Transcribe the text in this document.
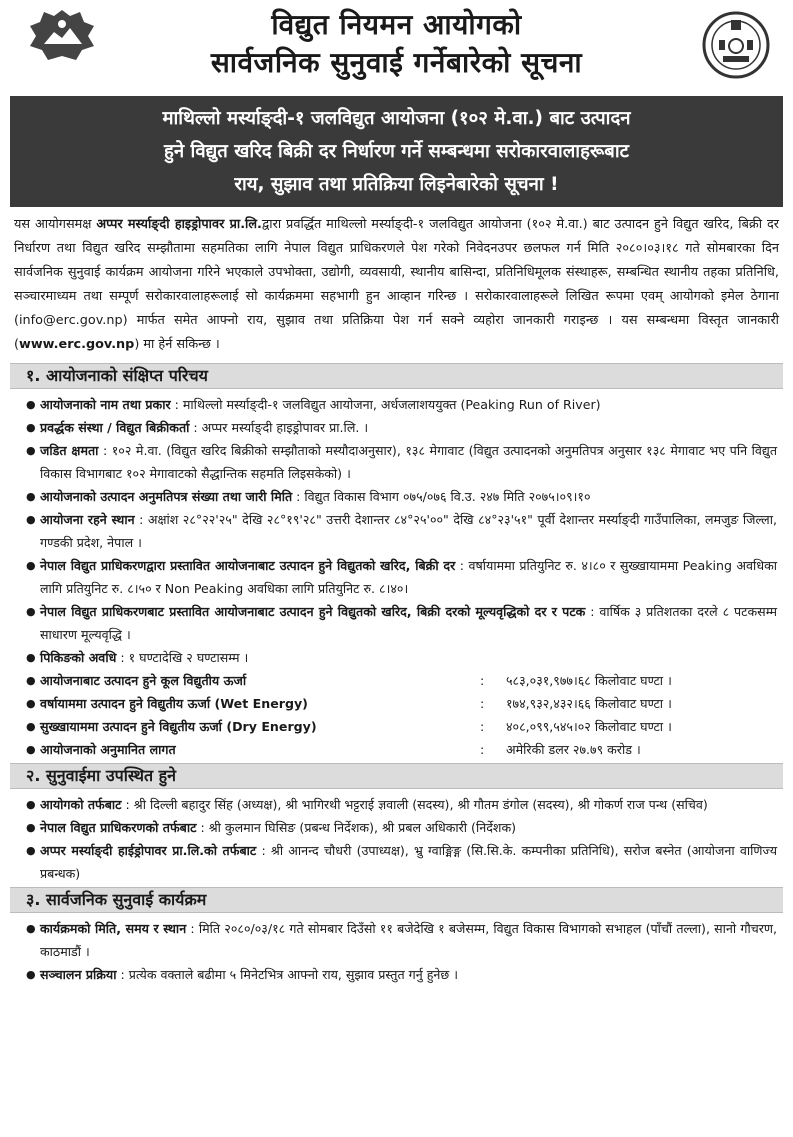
विद्युत नियमन आयोगको
सार्वजनिक सुनुवाई गर्नेबारेको सूचना
माथिल्लो मर्स्याङ्दी-१ जलविद्युत आयोजना (१०२ मे.वा.) बाट उत्पादन
हुने विद्युत खरिद बिक्री दर निर्धारण गर्ने सम्बन्धमा सरोकारवालाहरूबाट
राय, सुझाव तथा प्रतिक्रिया लिइनेबारेको सूचना !
यस आयोगसमक्ष अप्पर मर्स्याङ्दी हाइड्रोपावर प्रा.लि.द्वारा प्रवर्द्धित माथिल्लो मर्स्याङ्दी-१ जलविद्युत आयोजना (१०२ मे.वा.) बाट उत्पादन हुने विद्युत खरिद, बिक्री दर निर्धारण तथा विद्युत खरिद सम्झौतामा सहमतिका लागि नेपाल विद्युत प्राधिकरणले पेश गरेको निवेदनउपर छलफल गर्न मिति २०८०।०३।१८ गते सोमबारका दिन सार्वजनिक सुनुवाई कार्यक्रम आयोजना गरिने भएकाले उपभोक्ता, उद्योगी, व्यवसायी, स्थानीय बासिन्दा, प्रतिनिधिमूलक संस्थाहरू, सम्बन्धित स्थानीय तहका प्रतिनिधि, सञ्चारमाध्यम तथा सम्पूर्ण सरोकारवालाहरूलाई सो कार्यक्रममा सहभागी हुन आव्हान गरिन्छ । सरोकारवालाहरूले लिखित रूपमा एवम् आयोगको इमेल ठेगाना (info@erc.gov.np) मार्फत समेत आफ्नो राय, सुझाव तथा प्रतिक्रिया पेश गर्न सक्ने व्यहोरा जानकारी गराइन्छ । यस सम्बन्धमा विस्तृत जानकारी (www.erc.gov.np) मा हेर्न सकिन्छ ।
१. आयोजनाको संक्षिप्त परिचय
● आयोजनाको नाम तथा प्रकार : माथिल्लो मर्स्याङ्दी-१ जलविद्युत आयोजना, अर्धजलाशययुक्त (Peaking Run of River)
● प्रवर्द्धक संस्था / विद्युत बिक्रीकर्ता : अप्पर मर्स्याङ्दी हाइड्रोपावर प्रा.लि. ।
● जडित क्षमता : १०२ मे.वा. (विद्युत खरिद बिक्रीको सम्झौताको मस्यौदाअनुसार), १३८ मेगावाट (विद्युत उत्पादनको अनुमतिपत्र अनुसार १३८ मेगावाट भए पनि विद्युत विकास विभागबाट १०२ मेगावाटको सैद्धान्तिक सहमति लिइसकेको) ।
● आयोजनाको उत्पादन अनुमतिपत्र संख्या तथा जारी मिति : विद्युत विकास विभाग ०७५/०७६ वि.उ. २४७ मिति २०७५।०९।१०
● आयोजना रहने स्थान : अक्षांश २८°२२'२५" देखि २८°१९'२८" उत्तरी देशान्तर ८४°२५'००" देखि ८४°२३'५१" पूर्वी देशान्तर मर्स्याङ्दी गाउँपालिका, लमजुङ जिल्ला, गण्डकी प्रदेश, नेपाल ।
● नेपाल विद्युत प्राधिकरणद्वारा प्रस्तावित आयोजनाबाट उत्पादन हुने विद्युतको खरिद, बिक्री दर : वर्षायाममा प्रतियुनिट रु. ४।८० र सुख्खायाममा Peaking अवधिका लागि प्रतियुनिट रु. ८।५० र Non Peaking अवधिका लागि प्रतियुनिट रु. ८।४०।
● नेपाल विद्युत प्राधिकरणबाट प्रस्तावित आयोजनाबाट उत्पादन हुने विद्युतको खरिद, बिक्री दरको मूल्यवृद्धिको दर र पटक : वार्षिक ३ प्रतिशतका दरले ८ पटकसम्म साधारण मूल्यवृद्धि ।
● पिकिङको अवधि : १ घण्टादेखि २ घण्टासम्म ।
● आयोजनाबाट उत्पादन हुने कूल विद्युतीय ऊर्जा	:	५८३,०३१,९७७।६८ किलोवाट घण्टा ।
● वर्षायाममा उत्पादन हुने विद्युतीय ऊर्जा (Wet Energy)	:	१७४,९३२,४३२।६६ किलोवाट घण्टा ।
● सुख्खायाममा उत्पादन हुने विद्युतीय ऊर्जा (Dry Energy)	:	४०८,०९९,५४५।०२ किलोवाट घण्टा ।
● आयोजनाको अनुमानित लागत	:	अमेरिकी डलर २७.७९ करोड ।
२. सुनुवाईमा उपस्थित हुने
● आयोगको तर्फबाट : श्री दिल्ली बहादुर सिंह (अध्यक्ष), श्री भागिरथी भट्टराई ज्ञवाली (सदस्य), श्री गौतम डंगोल (सदस्य), श्री गोकर्ण राज पन्थ (सचिव)
● नेपाल विद्युत प्राधिकरणको तर्फबाट : श्री कुलमान घिसिङ (प्रबन्ध निर्देशक), श्री प्रबल अधिकारी (निर्देशक)
● अप्पर मर्स्याङ्दी हाईड्रोपावर प्रा.लि.को तर्फबाट : श्री आनन्द चौधरी (उपाध्यक्ष), भ्रु ग्वाङ्मिङ्ग (सि.सि.के. कम्पनीका प्रतिनिधि), सरोज बस्नेत (आयोजना वाणिज्य प्रबन्धक)
३. सार्वजनिक सुनुवाई कार्यक्रम
● कार्यक्रमको मिति, समय र स्थान : मिति २०८०/०३/१८ गते सोमबार दिउँसो ११ बजेदेखि १ बजेसम्म, विद्युत विकास विभागको सभाहल (पाँचौं तल्ला), सानो गौचरण, काठमाडौं ।
● सञ्चालन प्रक्रिया : प्रत्येक वक्ताले बढीमा ५ मिनेटभित्र आफ्नो राय, सुझाव प्रस्तुत गर्नु हुनेछ ।
